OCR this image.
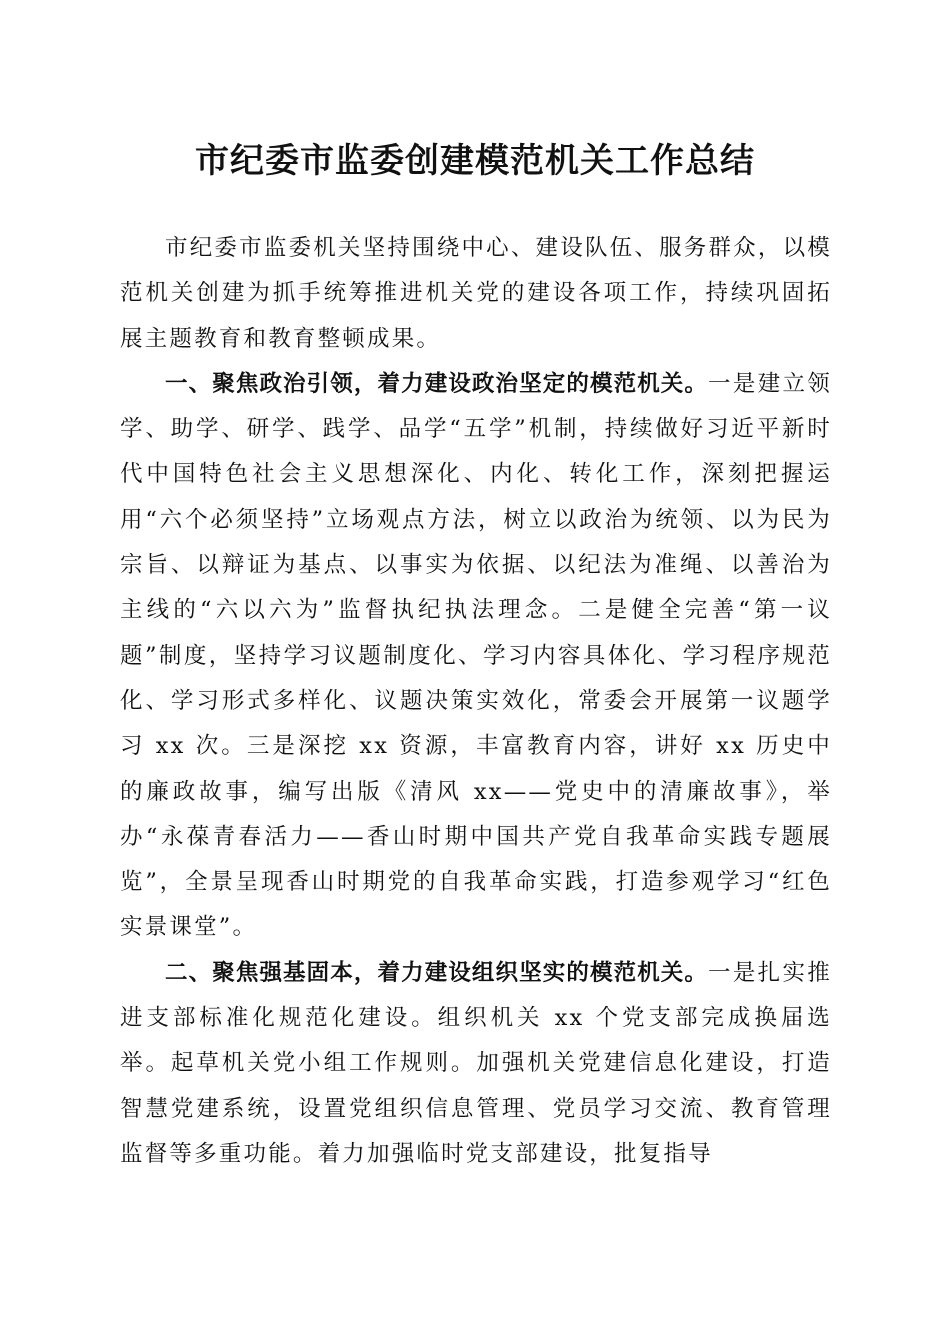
市纪委市监委创建模范机关工作总结

市纪委市监委机关坚持围绕中心、建设队伍、服务群众，以模范机关创建为抓手统筹推进机关党的建设各项工作，持续巩固拓展主题教育和教育整顿成果。

一、聚焦政治引领，着力建设政治坚定的模范机关。一是建立领学、助学、研学、践学、品学“五学”机制，持续做好习近平新时代中国特色社会主义思想深化、内化、转化工作，深刻把握运用“六个必须坚持”立场观点方法，树立以政治为统领、以为民为宗旨、以辩证为基点、以事实为依据、以纪法为准绳、以善治为主线的“六以六为”监督执纪执法理念。二是健全完善“第一议题”制度，坚持学习议题制度化、学习内容具体化、学习程序规范化、学习形式多样化、议题决策实效化，常委会开展第一议题学习 xx 次。三是深挖 xx 资源，丰富教育内容，讲好 xx 历史中的廉政故事，编写出版《清风 xx——党史中的清廉故事》，举办“永葆青春活力——香山时期中国共产党自我革命实践专题展览”，全景呈现香山时期党的自我革命实践，打造参观学习“红色实景课堂”。

二、聚焦强基固本，着力建设组织坚实的模范机关。一是扎实推进支部标准化规范化建设。组织机关 xx 个党支部完成换届选举。起草机关党小组工作规则。加强机关党建信息化建设，打造智慧党建系统，设置党组织信息管理、党员学习交流、教育管理监督等多重功能。着力加强临时党支部建设，批复指导
